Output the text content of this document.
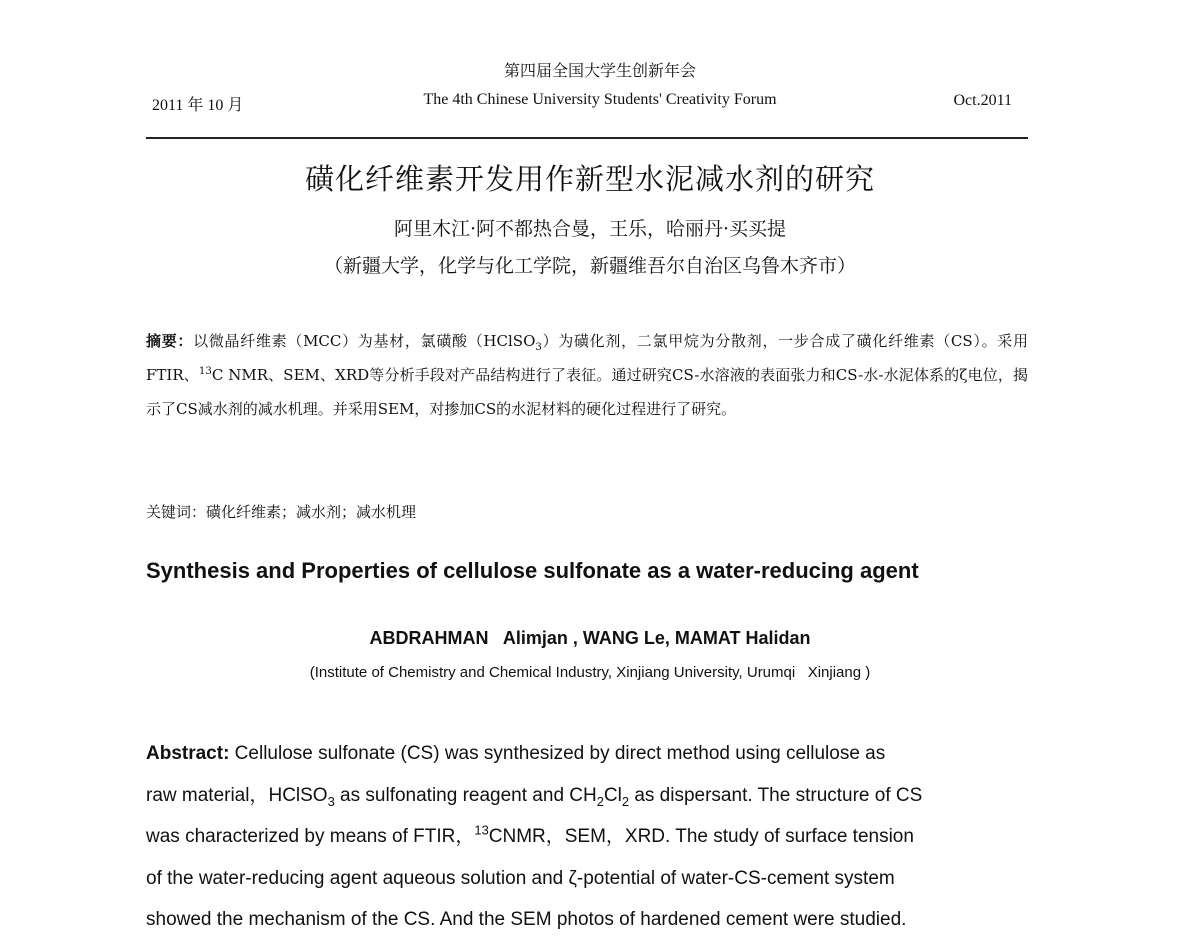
2011 年 10 月
第四届全国大学生创新年会
The 4th Chinese University Students' Creativity Forum	Oct.2011
磺化纤维素开发用作新型水泥减水剂的研究
阿里木江·阿不都热合曼，王乐，哈丽丹·买买提
（新疆大学，化学与化工学院，新疆维吾尔自治区乌鲁木齐市）
摘要：以微晶纤维素（MCC）为基材，氯磺酸（HClSO$_3$）为磺化剂，二氯甲烷为分散剂，一步合成了磺化纤维素（CS）。采用FTIR、$^{13}$C NMR、SEM、XRD等分析手段对产品结构进行了表征。通过研究CS-水溶液的表面张力和CS-水-水泥体系的ζ电位，揭示了CS减水剂的减水机理。并采用SEM，对掺加CS的水泥材料的硬化过程进行了研究。
关键词：磺化纤维素；减水剂；减水机理
Synthesis and Properties of cellulose sulfonate as a water-reducing agent
ABDRAHMAN   Alimjan , WANG Le, MAMAT Halidan
(Institute of Chemistry and Chemical Industry, Xinjiang University, Urumqi   Xinjiang )
Abstract: Cellulose sulfonate (CS) was synthesized by direct method using cellulose as
raw material，HClSO$_3$ as sulfonating reagent and $CH_2Cl_2$ as dispersant. The structure of CS
was characterized by means of FTIR，$^{13}$CNMR，SEM，XRD. The study of surface tension
of the water-reducing agent aqueous solution and ζ-potential of water-CS-cement system
showed the mechanism of the CS. And the SEM photos of hardened cement were studied.
